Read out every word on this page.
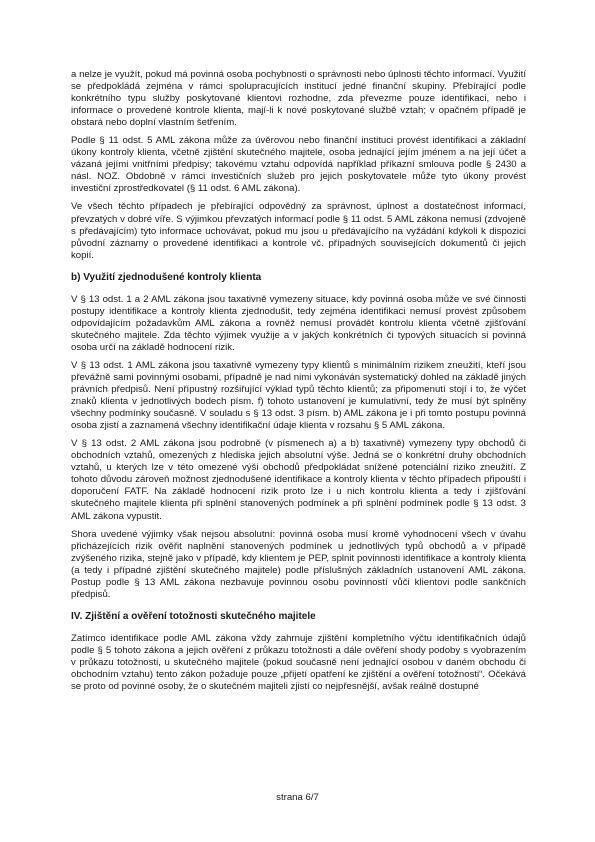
a nelze je využít, pokud má povinná osoba pochybnosti o správnosti nebo úplnosti těchto informací. Využití se předpokládá zejména v rámci spolupracujících institucí jedné finanční skupiny. Přebírající podle konkrétního typu služby poskytované klientovi rozhodne, zda převezme pouze identifikaci, nebo i informace o provedené kontrole klienta, mají-li k nové poskytované službě vztah; v opačném případě je obstará nebo doplní vlastním šetřením.

Podle § 11 odst. 5 AML zákona může za úvěrovou nebo finanční instituci provést identifikaci a základní úkony kontroly klienta, včetně zjištění skutečného majitele, osoba jednající jejím jménem a na její účet a vázaná jejími vnitřními předpisy; takovému vztahu odpovídá například příkazní smlouva podle § 2430 a násl. NOZ. Obdobně v rámci investičních služeb pro jejich poskytovatele může tyto úkony provést investiční zprostředkovatel (§ 11 odst. 6 AML zákona).

Ve všech těchto případech je přebírající odpovědný za správnost, úplnost a dostatečnost informací, převzatých v dobré víře. S výjimkou převzatých informací podle § 11 odst. 5 AML zákona nemusí (zdvojeně s předávajícím) tyto informace uchovávat, pokud mu jsou u předávajícího na vyžádání kdykoli k dispozici původní záznamy o provedené identifikaci a kontrole vč. případných souvisejících dokumentů či jejich kopií.

b) Využití zjednodušené kontroly klienta

V § 13 odst. 1 a 2 AML zákona jsou taxativně vymezeny situace, kdy povinná osoba může ve své činnosti postupy identifikace a kontroly klienta zjednodušit, tedy zejména identifikaci nemusí provést způsobem odpovídajícím požadavkům AML zákona a rovněž nemusí provádět kontrolu klienta včetně zjišťování skutečného majitele. Zda těchto výjimek využije a v jakých konkrétních či typových situacích si povinná osoba určí na základě hodnocení rizik.

V § 13 odst. 1 AML zákona jsou taxativně vymezeny typy klientů s minimálním rizikem zneužití, kteří jsou převážně sami povinnými osobami, případně je nad nimi vykonáván systematický dohled na základě jiných právních předpisů. Není přípustný rozšiřující výklad typů těchto klientů; za připomenutí stojí i to, že výčet znaků klienta v jednotlivých bodech písm. f) tohoto ustanovení je kumulativní, tedy že musí být splněny všechny podmínky současně. V souladu s § 13 odst. 3 písm. b) AML zákona je i při tomto postupu povinná osoba zjistí a zaznamená všechny identifikační údaje klienta v rozsahu § 5 AML zákona.

V § 13 odst. 2 AML zákona jsou podrobně (v písmenech a) a b) taxativně) vymezeny typy obchodů či obchodních vztahů, omezených z hlediska jejich absolutní výše. Jedná se o konkrétní druhy obchodních vztahů, u kterých lze v této omezené výši obchodů předpokládat snížené potenciální riziko zneužití. Z tohoto důvodu zároveň možnost zjednodušené identifikace a kontroly klienta v těchto případech připouští i doporučení FATF. Na základě hodnocení rizik proto lze i u nich kontrolu klienta a tedy i zjišťování skutečného majitele klienta při splnění stanovených podmínek a při splnění podmínek podle § 13 odst. 3 AML zákona vypustit.

Shora uvedené výjimky však nejsou absolutní: povinná osoba musí kromě vyhodnocení všech v úvahu přicházejících rizik ověřit naplnění stanovených podmínek u jednotlivých typů obchodů a v případě zvýšeného rizika, stejně jako v případě, kdy klientem je PEP, splnit povinnosti identifikace a kontroly klienta (a tedy i případné zjištění skutečného majitele) podle příslušných základních ustanovení AML zákona. Postup podle § 13 AML zákona nezbavuje povinnou osobu povinností vůči klientovi podle sankčních předpisů.

IV. Zjištění a ověření totožnosti skutečného majitele

Zatímco identifikace podle AML zákona vždy zahrnuje zjištění kompletního výčtu identifikačních údajů podle § 5 tohoto zákona a jejich ověření z průkazu totožnosti a dále ověření shody podoby s vyobrazením v průkazu totožnosti, u skutečného majitele (pokud současně není jednající osobou v daném obchodu či obchodním vztahu) tento zákon požaduje pouze „přijetí opatření ke zjištění a ověření totožnosti“. Očekává se proto od povinné osoby, že o skutečném majiteli zjistí co nejpřesnější, avšak reálně dostupné

strana 6/7
